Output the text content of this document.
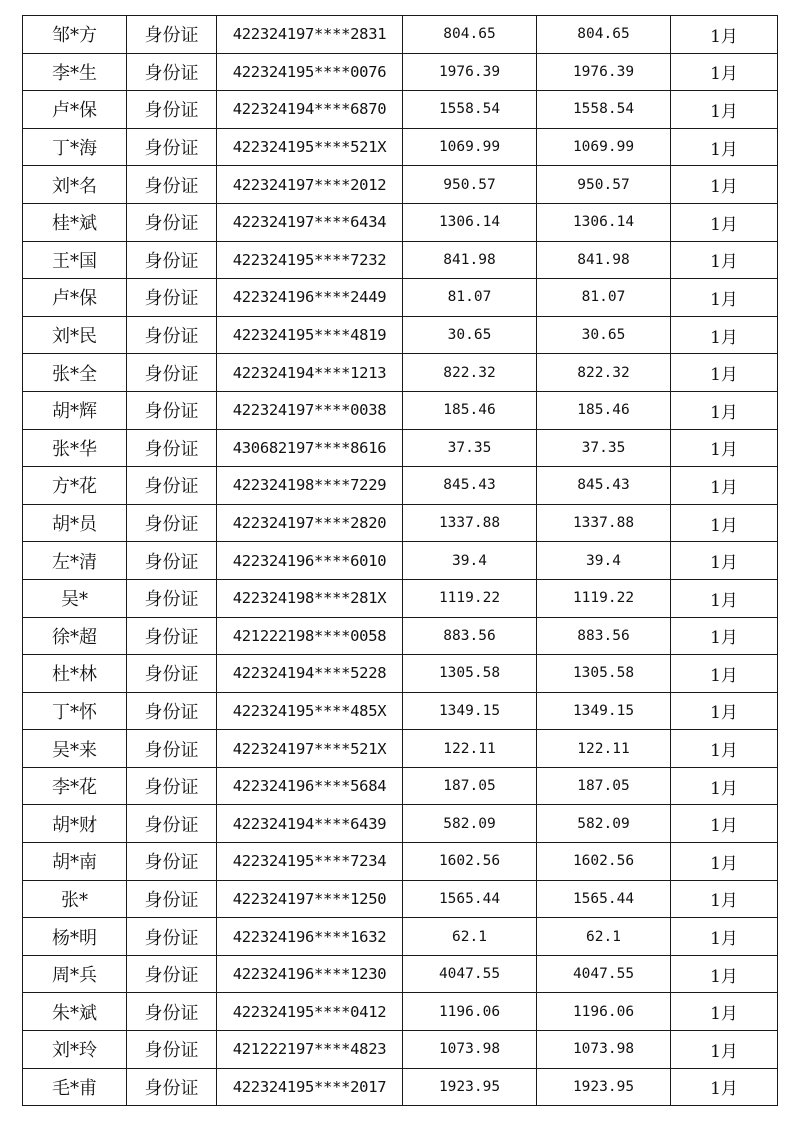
邹*方	身份证	422324197****2831	804.65	804.65	1月
李*生	身份证	422324195****0076	1976.39	1976.39	1月
卢*保	身份证	422324194****6870	1558.54	1558.54	1月
丁*海	身份证	422324195****521X	1069.99	1069.99	1月
刘*名	身份证	422324197****2012	950.57	950.57	1月
桂*斌	身份证	422324197****6434	1306.14	1306.14	1月
王*国	身份证	422324195****7232	841.98	841.98	1月
卢*保	身份证	422324196****2449	81.07	81.07	1月
刘*民	身份证	422324195****4819	30.65	30.65	1月
张*全	身份证	422324194****1213	822.32	822.32	1月
胡*辉	身份证	422324197****0038	185.46	185.46	1月
张*华	身份证	430682197****8616	37.35	37.35	1月
方*花	身份证	422324198****7229	845.43	845.43	1月
胡*员	身份证	422324197****2820	1337.88	1337.88	1月
左*清	身份证	422324196****6010	39.4	39.4	1月
吴*	身份证	422324198****281X	1119.22	1119.22	1月
徐*超	身份证	421222198****0058	883.56	883.56	1月
杜*林	身份证	422324194****5228	1305.58	1305.58	1月
丁*怀	身份证	422324195****485X	1349.15	1349.15	1月
吴*来	身份证	422324197****521X	122.11	122.11	1月
李*花	身份证	422324196****5684	187.05	187.05	1月
胡*财	身份证	422324194****6439	582.09	582.09	1月
胡*南	身份证	422324195****7234	1602.56	1602.56	1月
张*	身份证	422324197****1250	1565.44	1565.44	1月
杨*明	身份证	422324196****1632	62.1	62.1	1月
周*兵	身份证	422324196****1230	4047.55	4047.55	1月
朱*斌	身份证	422324195****0412	1196.06	1196.06	1月
刘*玲	身份证	421222197****4823	1073.98	1073.98	1月
毛*甫	身份证	422324195****2017	1923.95	1923.95	1月
